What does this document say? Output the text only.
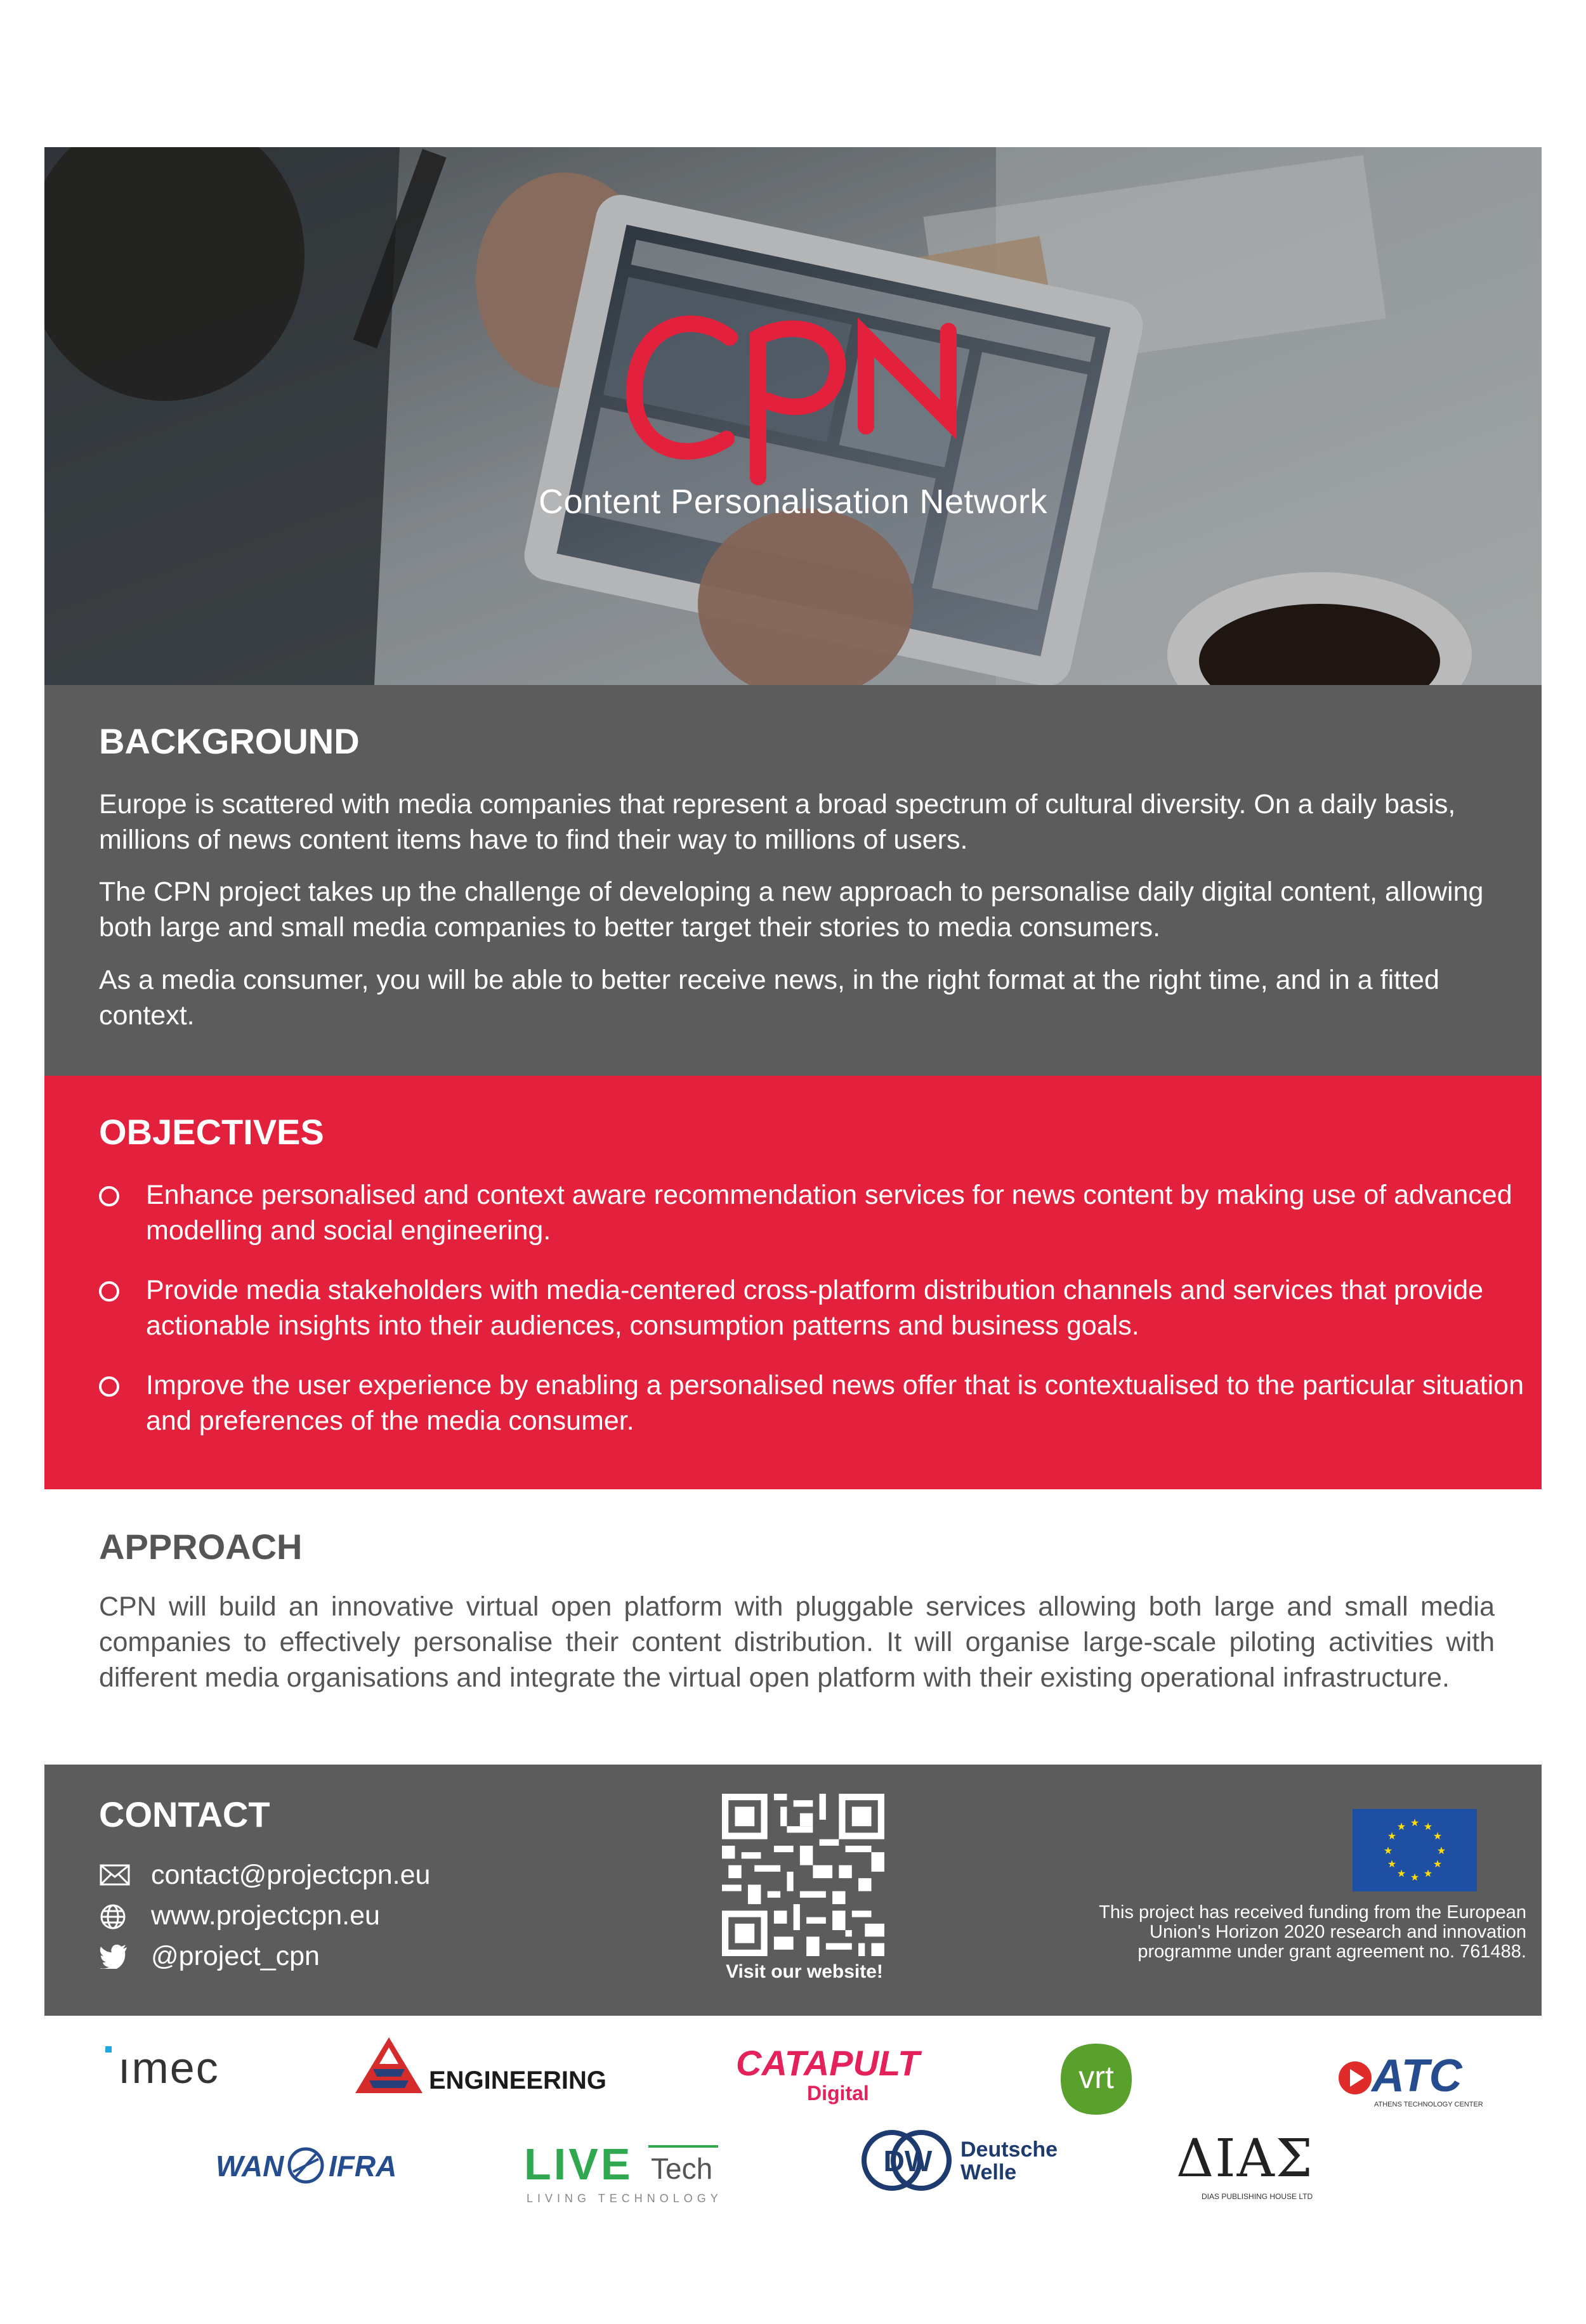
Content Personalisation Network
BACKGROUND

Europe is scattered with media companies that represent a broad spectrum of cultural diversity. On a daily basis, millions of news content items have to find their way to millions of users.

The CPN project takes up the challenge of developing a new approach to personalise daily digital content, allowing both large and small media companies to better target their stories to media consumers.

As a media consumer, you will be able to better receive news, in the right format at the right time, and in a fitted context.

OBJECTIVES

Enhance personalised and context aware recommendation services for news content by making use of advanced modelling and social engineering.

Provide media stakeholders with media-centered cross-platform distribution channels and services that provide actionable insights into their audiences, consumption patterns and business goals.

Improve the user experience by enabling a personalised news offer that is contextualised to the particular situation and preferences of the media consumer.

APPROACH

CPN will build an innovative virtual open platform with pluggable services allowing both large and small media companies to effectively personalise their content distribution. It will organise large-scale piloting activities with different media organisations and integrate the virtual open platform with their existing operational infrastructure.

CONTACT
contact@projectcpn.eu
www.projectcpn.eu
@project_cpn
Visit our website!
★ ★
★
★
★
★
★
★
★
★
★
★

This project has received funding from the European
Union's Horizon 2020 research and innovation
programme under grant agreement no. 761488.

ımec	ENGINEERING	CATAPULT
Digital	vrt	ATC
ATHENS TECHNOLOGY CENTER
WAN IFRA	LIVE Tech
LIVING TECHNOLOGY
DW	Deutsche
Welle	ΔΙΑΣ
DIAS PUBLISHING HOUSE LTD
